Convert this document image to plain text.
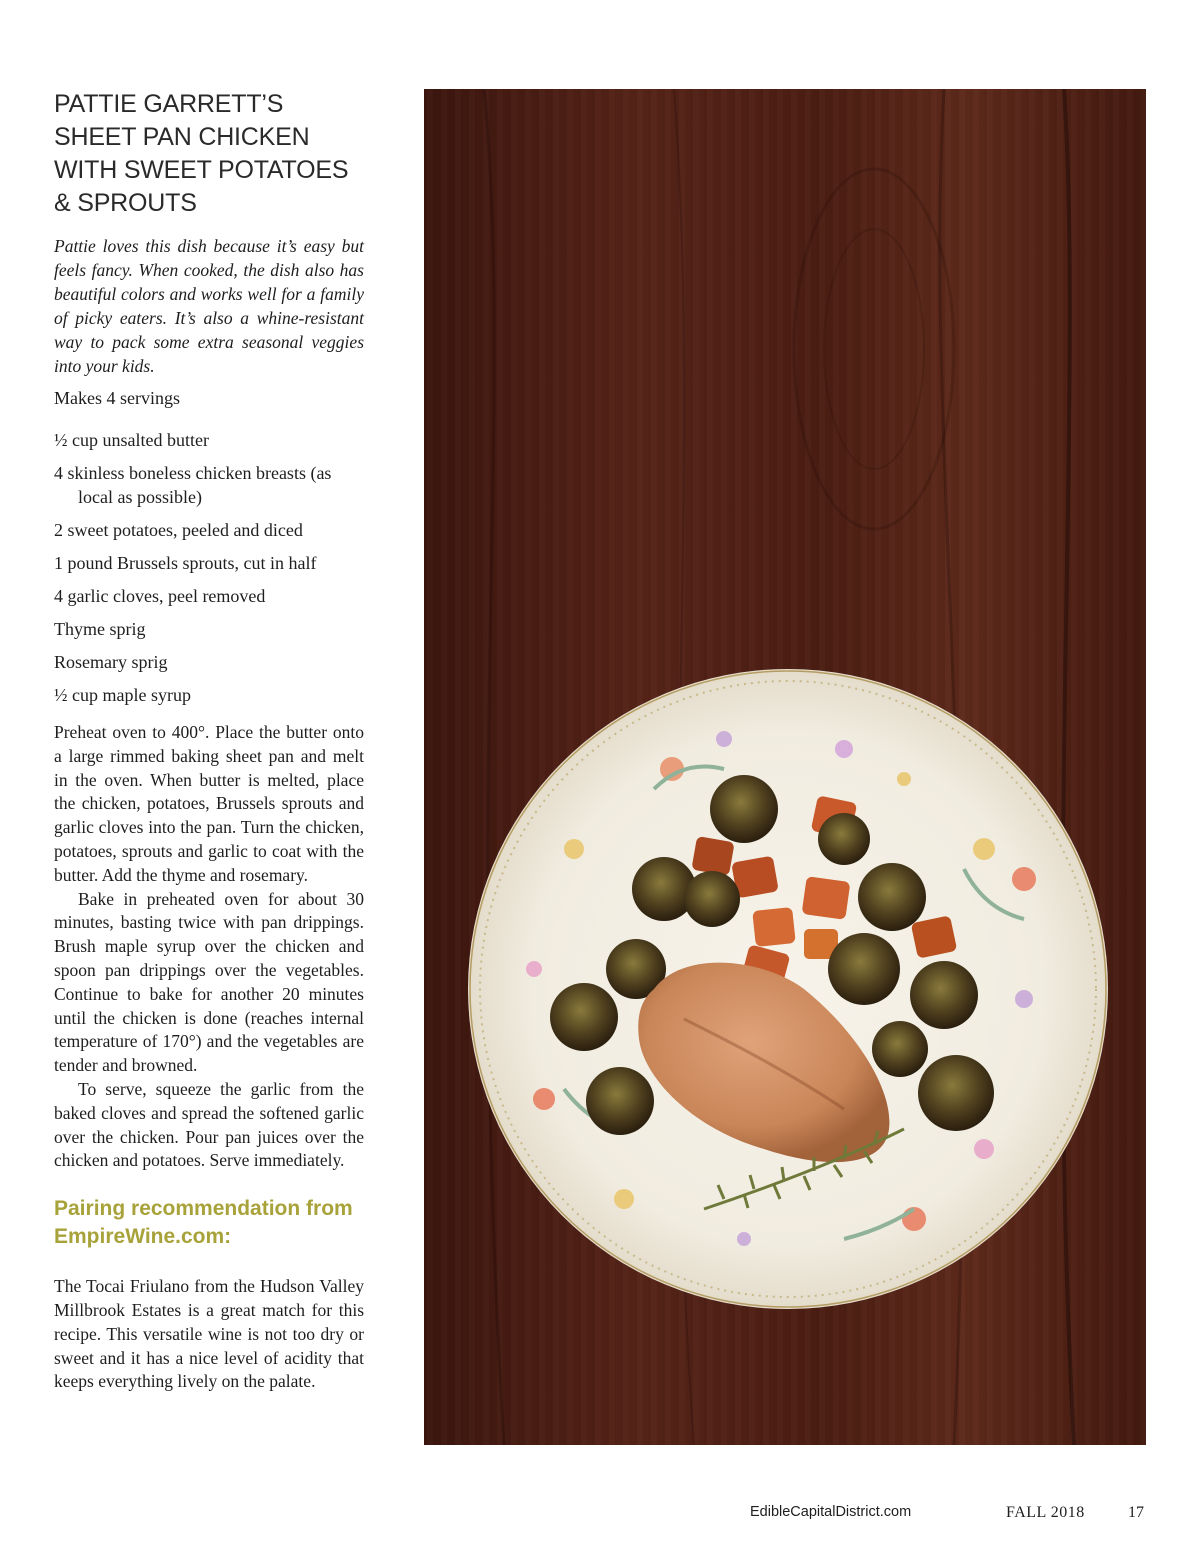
PATTIE GARRETT’S SHEET PAN CHICKEN WITH SWEET POTATOES & SPROUTS

Pattie loves this dish because it’s easy but feels fancy. When cooked, the dish also has beautiful colors and works well for a family of picky eaters. It’s also a whine-resistant way to pack some extra seasonal veggies into your kids.

Makes 4 servings

½ cup unsalted butter
4 skinless boneless chicken breasts (as local as possible)
2 sweet potatoes, peeled and diced
1 pound Brussels sprouts, cut in half
4 garlic cloves, peel removed
Thyme sprig
Rosemary sprig
½ cup maple syrup

Preheat oven to 400°. Place the butter onto a large rimmed baking sheet pan and melt in the oven. When butter is melted, place the chicken, potatoes, Brussels sprouts and garlic cloves into the pan. Turn the chicken, potatoes, sprouts and garlic to coat with the butter. Add the thyme and rosemary.

Bake in preheated oven for about 30 minutes, basting twice with pan drippings. Brush maple syrup over the chicken and spoon pan drippings over the vegetables. Continue to bake for another 20 minutes until the chicken is done (reaches internal temperature of 170°) and the vegetables are tender and browned.

To serve, squeeze the garlic from the baked cloves and spread the softened garlic over the chicken. Pour pan juices over the chicken and potatoes. Serve immediately.

Pairing recommendation from EmpireWine.com:

The Tocai Friulano from the Hudson Valley Millbrook Estates is a great match for this recipe. This versatile wine is not too dry or sweet and it has a nice level of acidity that keeps everything lively on the palate.

EdibleCapitalDistrict.com	FALL 2018	17
